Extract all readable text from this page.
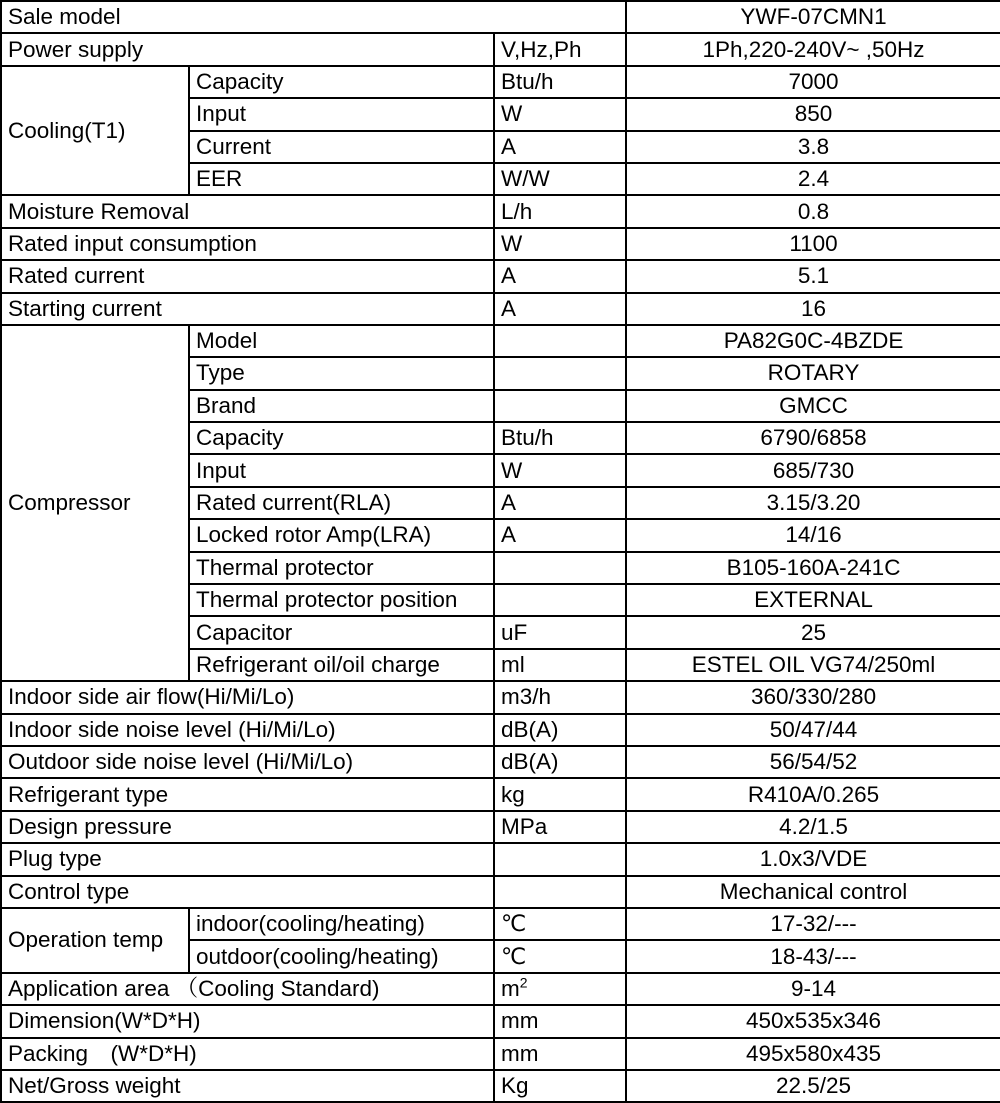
Sale model			YWF-07CMN1
Power supply		V,Hz,Ph	1Ph,220-240V~ ,50Hz
Cooling(T1)	Capacity	Btu/h	7000
	Input	W	850
	Current	A	3.8
	EER	W/W	2.4
Moisture Removal		L/h	0.8
Rated input consumption		W	1100
Rated current		A	5.1
Starting current		A	16
Compressor	Model		PA82G0C-4BZDE
	Type		ROTARY
	Brand		GMCC
	Capacity	Btu/h	6790/6858
	Input	W	685/730
	Rated current(RLA)	A	3.15/3.20
	Locked rotor Amp(LRA)	A	14/16
	Thermal protector		B105-160A-241C
	Thermal protector position		EXTERNAL
	Capacitor	uF	25
	Refrigerant oil/oil charge	ml	ESTEL OIL VG74/250ml
Indoor side air flow(Hi/Mi/Lo)		m3/h	360/330/280
Indoor side noise level (Hi/Mi/Lo)		dB(A)	50/47/44
Outdoor side noise level (Hi/Mi/Lo)		dB(A)	56/54/52
Refrigerant type		kg	R410A/0.265
Design pressure		MPa	4.2/1.5
Plug type			1.0x3/VDE
Control type			Mechanical control
Operation temp	indoor(cooling/heating)	℃	17-32/---
	outdoor(cooling/heating)	℃	18-43/---
Application area （Cooling Standard)		$m^2$	9-14
Dimension(W*D*H)		mm	450x535x346
Packing　(W*D*H)		mm	495x580x435
Net/Gross weight		Kg	22.5/25
